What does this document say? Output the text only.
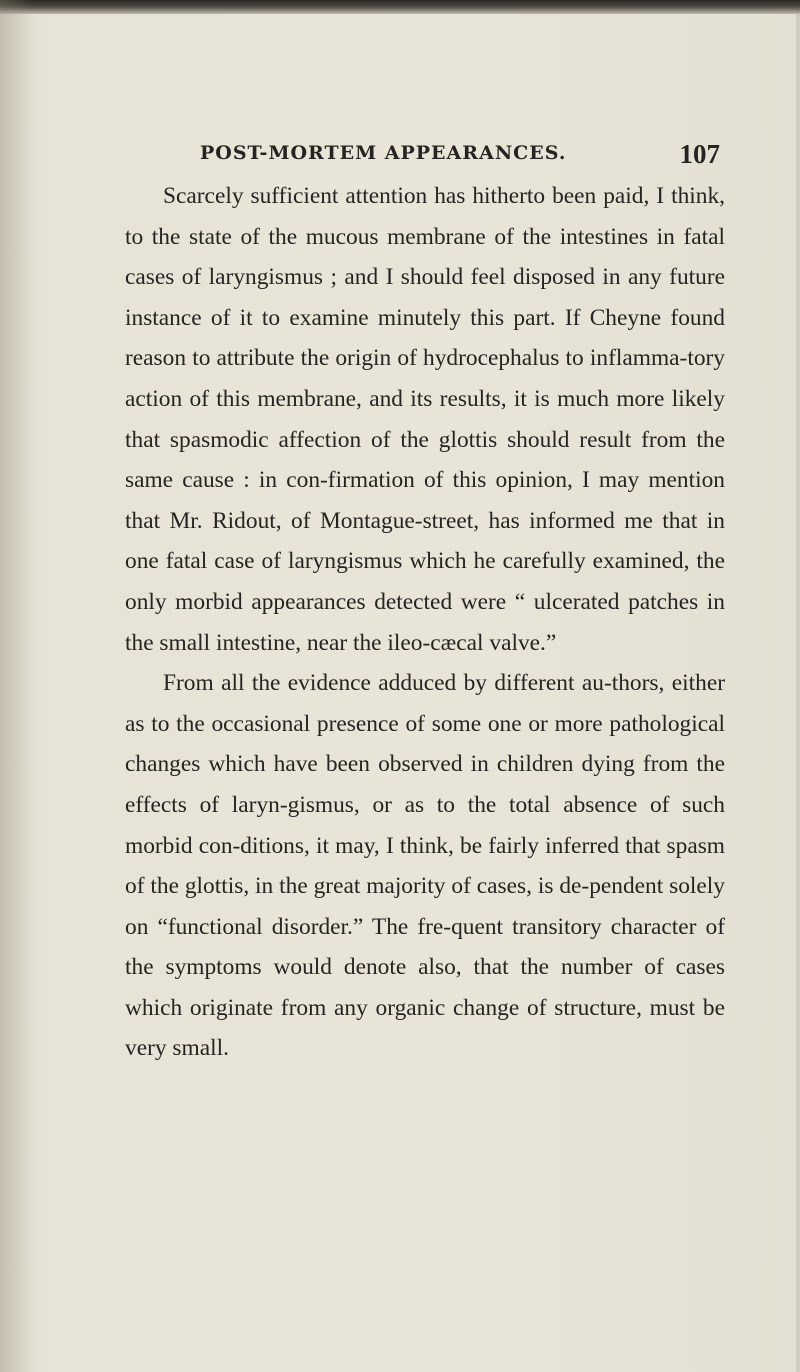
POST-MORTEM APPEARANCES.	107

Scarcely sufficient attention has hitherto been paid, I think, to the state of the mucous membrane of the intestines in fatal cases of laryngismus ; and I should feel disposed in any future instance of it to examine minutely this part. If Cheyne found reason to attribute the origin of hydrocephalus to inflamma-tory action of this membrane, and its results, it is much more likely that spasmodic affection of the glottis should result from the same cause : in con-firmation of this opinion, I may mention that Mr. Ridout, of Montague-street, has informed me that in one fatal case of laryngismus which he carefully examined, the only morbid appearances detected were “ ulcerated patches in the small intestine, near the ileo-cæcal valve.”

From all the evidence adduced by different au-thors, either as to the occasional presence of some one or more pathological changes which have been observed in children dying from the effects of laryn-gismus, or as to the total absence of such morbid con-ditions, it may, I think, be fairly inferred that spasm of the glottis, in the great majority of cases, is de-pendent solely on “functional disorder.” The fre-quent transitory character of the symptoms would denote also, that the number of cases which originate from any organic change of structure, must be very small.
